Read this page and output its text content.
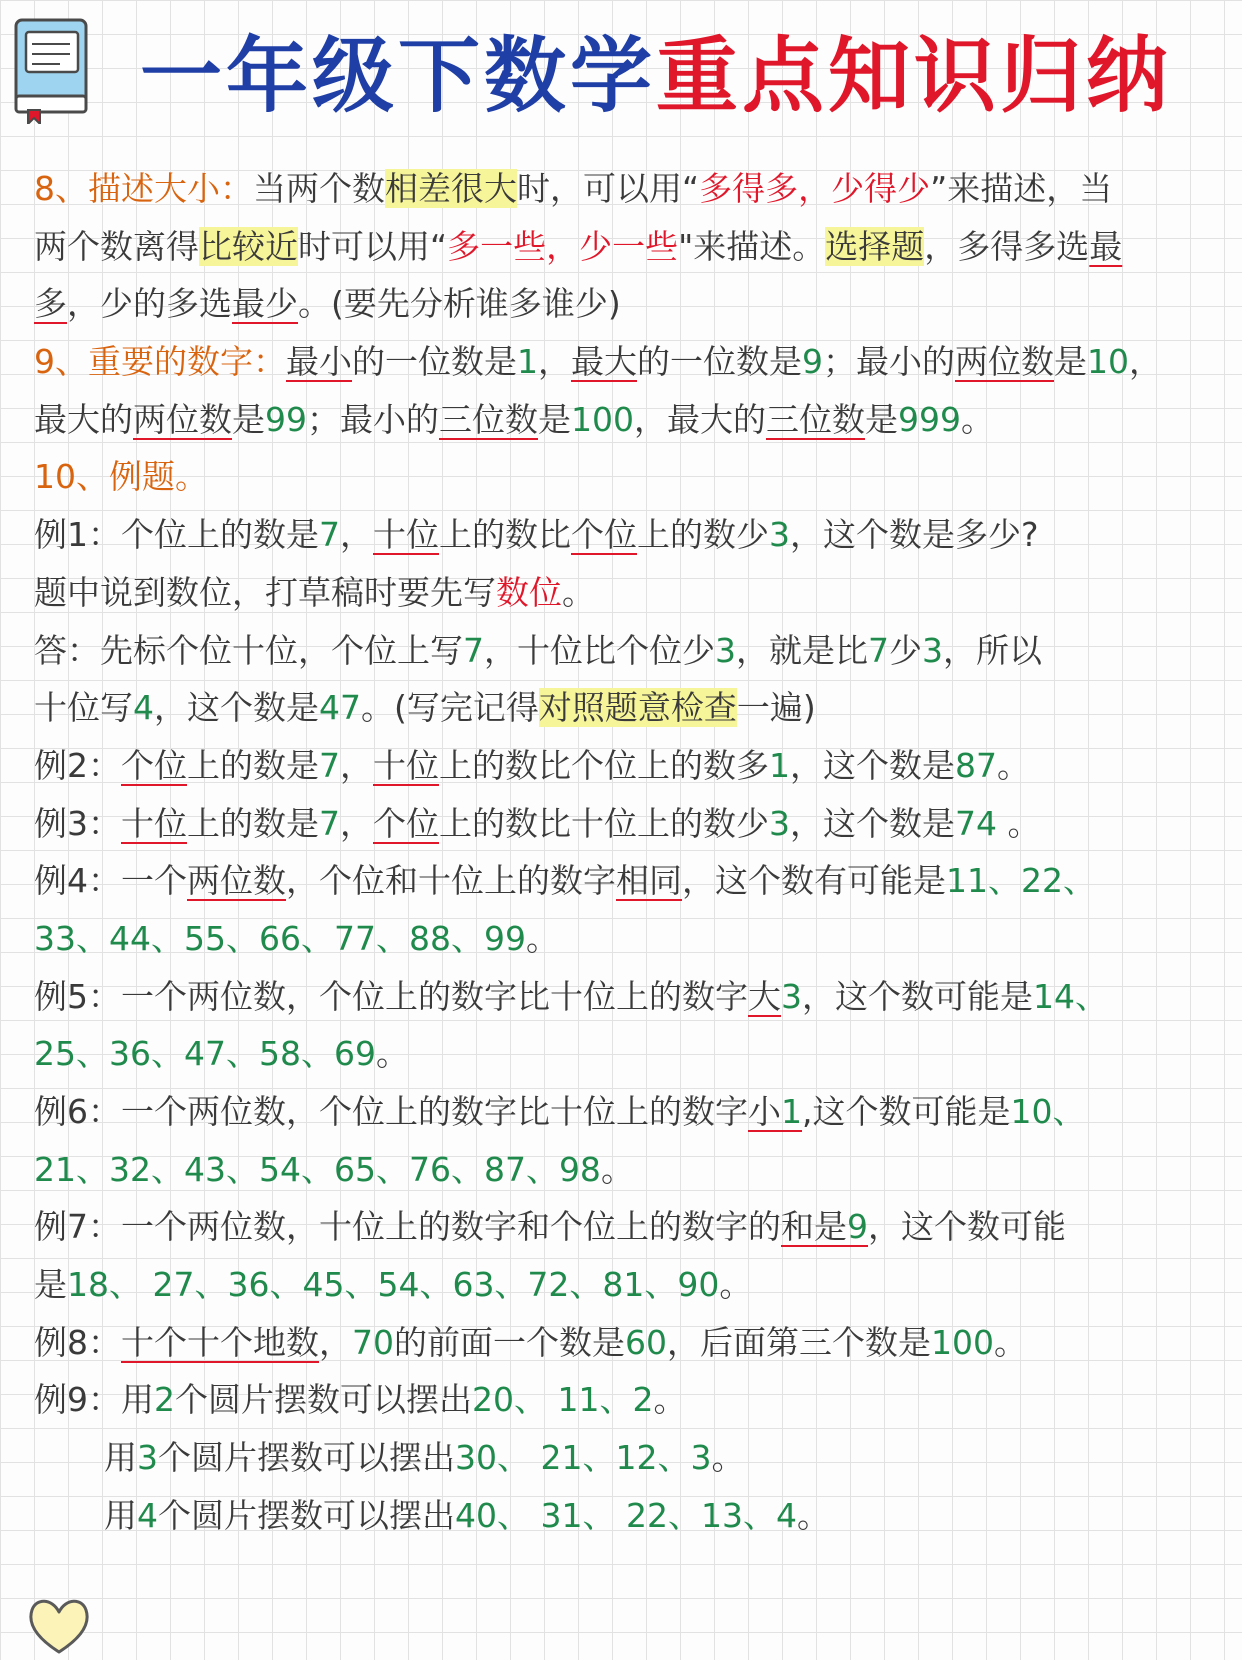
一年级下数学重点知识归纳
8、描述大小：当两个数相差很大时，可以用“多得多，少得少”来描述，当
两个数离得比较近时可以用“多一些，少一些"来描述。选择题，多得多选最
多，少的多选最少。(要先分析谁多谁少)
9、重要的数字：最小的一位数是1，最大的一位数是9；最小的两位数是10，
最大的两位数是99；最小的三位数是100，最大的三位数是999。
10、例题。
例1：个位上的数是7，十位上的数比个位上的数少3，这个数是多少?
题中说到数位，打草稿时要先写数位。
答：先标个位十位，个位上写7，十位比个位少3，就是比7少3，所以
十位写4，这个数是47。(写完记得对照题意检查一遍)
例2：个位上的数是7，十位上的数比个位上的数多1，这个数是87。
例3：十位上的数是7，个位上的数比十位上的数少3，这个数是74 。
例4：一个两位数，个位和十位上的数字相同，这个数有可能是11、22、
33、44、55、66、77、88、99。
例5：一个两位数，个位上的数字比十位上的数字大3，这个数可能是14、
25、36、47、58、69。
例6：一个两位数，个位上的数字比十位上的数字小1,这个数可能是10、
21、32、43、54、65、76、87、98。
例7：一个两位数，十位上的数字和个位上的数字的和是9，这个数可能
是18、 27、36、45、54、63、72、81、90。
例8：十个十个地数，70的前面一个数是60，后面第三个数是100。
例9：用2个圆片摆数可以摆出20、 11、2。
用3个圆片摆数可以摆出30、 21、12、3。
用4个圆片摆数可以摆出40、 31、 22、13、4。
